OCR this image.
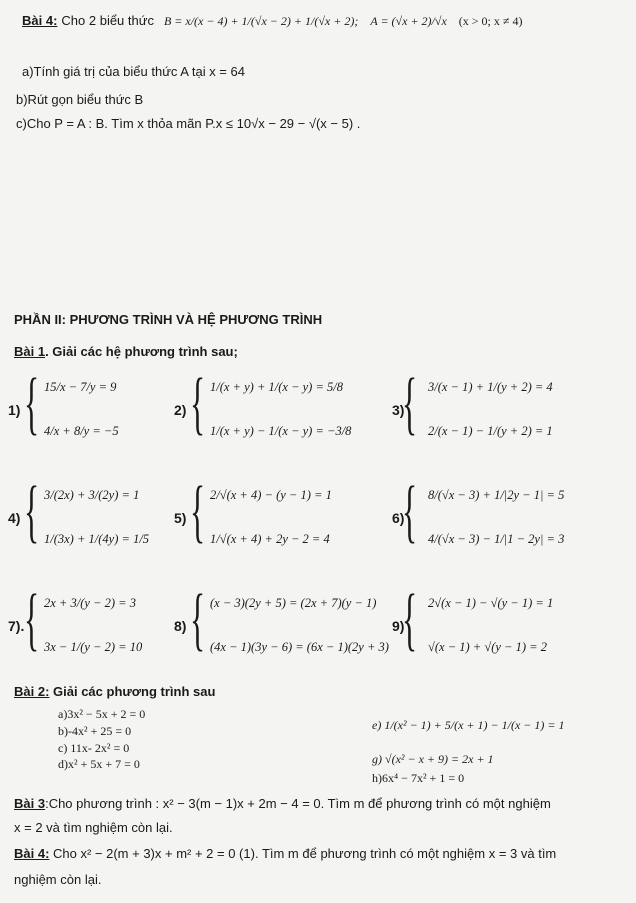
Bài 4: Cho 2 biểu thức B = x/(x − 4) + 1/(√x − 2) + 1/(√x + 2); A = (√x + 2)/√x (x > 0; x ≠ 4)
a)Tính giá trị của biểu thức A tại x = 64
b)Rút gọn biểu thức B
c)Cho P = A : B. Tìm x thỏa mãn P.x ≤ 10√x − 29 − √(x − 5) .
PHẦN II: PHƯƠNG TRÌNH VÀ HỆ PHƯƠNG TRÌNH
Bài 1. Giải các hệ phương trình sau;
1) { 15/x − 7/y = 9
4/x + 8/y = −5
2) { 1/(x + y) + 1/(x − y) = 5/8
1/(x + y) − 1/(x − y) = −3/8
3)
{ 3/(x − 1) + 1/(y + 2) = 4
2/(x − 1) − 1/(y + 2) = 1
4) { 3/(2x) + 3/(2y) = 1
1/(3x) + 1/(4y) = 1/5
5) { 2/√(x + 4) − (y − 1) = 1
1/√(x + 4) + 2y − 2 = 4
6)
{ 8/(√x − 3) + 1/|2y − 1| = 5
4/(√x − 3) − 1/|1 − 2y| = 3
7). { 2x + 3/(y − 2) = 3
3x − 1/(y − 2) = 10
8) { (x − 3)(2y + 5) = (2x + 7)(y − 1)
(4x − 1)(3y − 6) = (6x − 1)(2y + 3)
9)
{ 2√(x − 1) − √(y − 1) = 1
√(x − 1) + √(y − 1) = 2
Bài 2: Giải các phương trình sau
a)3x² − 5x + 2 = 0
b)-4x² + 25 = 0
c) 11x- 2x² = 0
d)x² + 5x + 7 = 0
e) 1/(x² − 1) + 5/(x + 1) − 1/(x − 1) = 1
g) √(x² − x + 9) = 2x + 1
h)6x⁴ − 7x² + 1 = 0
Bài 3:Cho phương trình : x² − 3(m − 1)x + 2m − 4 = 0. Tìm m để phương trình có một nghiệm
x = 2 và tìm nghiệm còn lại.
Bài 4: Cho x² − 2(m + 3)x + m² + 2 = 0 (1). Tìm m để phương trình có một nghiệm x = 3 và tìm
nghiệm còn lại.
